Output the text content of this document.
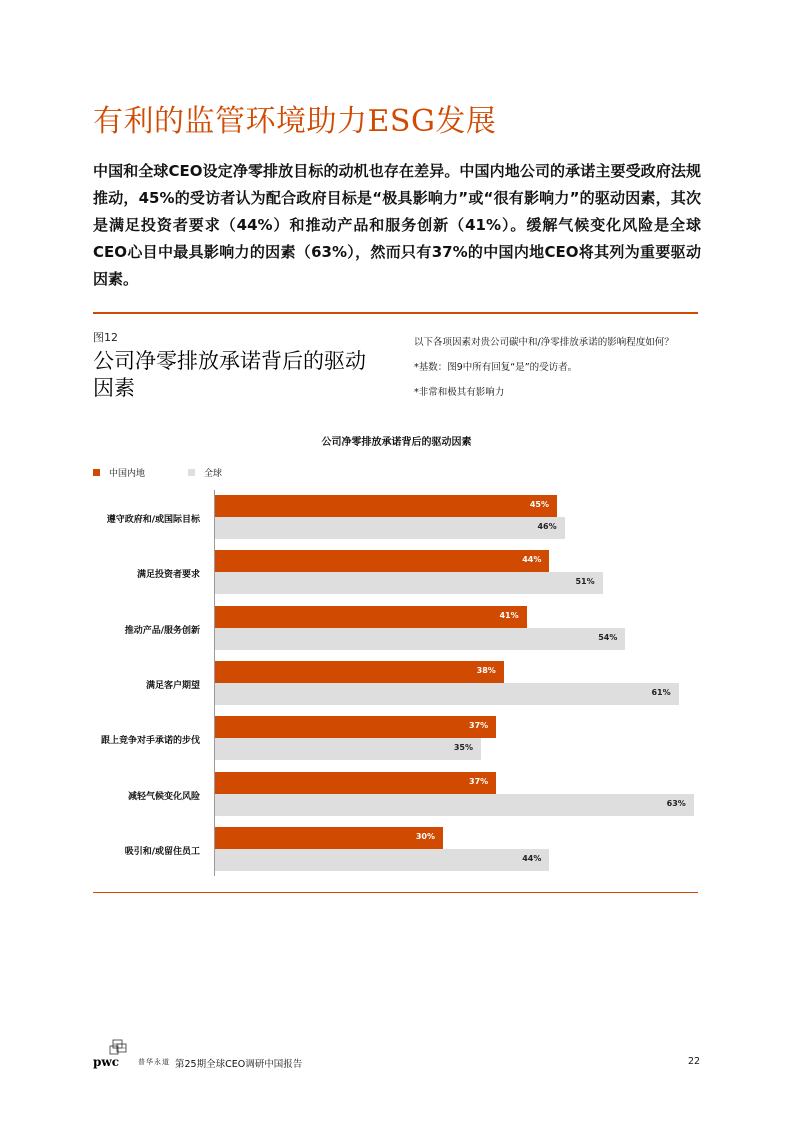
有利的监管环境助力ESG发展
中国和全球CEO设定净零排放目标的动机也存在差异。中国内地公司的承诺主要受政府法规推动，45%的受访者认为配合政府目标是“极具影响力”或“很有影响力”的驱动因素，其次是满足投资者要求（44%）和推动产品和服务创新（41%）。缓解气候变化风险是全球CEO心目中最具影响力的因素（63%），然而只有37%的中国内地CEO将其列为重要驱动因素。
图12
公司净零排放承诺背后的驱动因素
以下各项因素对贵公司碳中和/净零排放承诺的影响程度如何？
*基数：图9中所有回复“是”的受访者。
*非常和极其有影响力
公司净零排放承诺背后的驱动因素
中国内地	全球
遵守政府和/或国际目标
45%
46%
满足投资者要求
44%
51%
推动产品/服务创新
41%
54%
满足客户期望
38%
61%
跟上竞争对手承诺的步伐
37%
35%
减轻气候变化风险
37%
63%
吸引和/或留住员工
30%
44%
pwc	普华永道 第25期全球CEO调研中国报告	22
